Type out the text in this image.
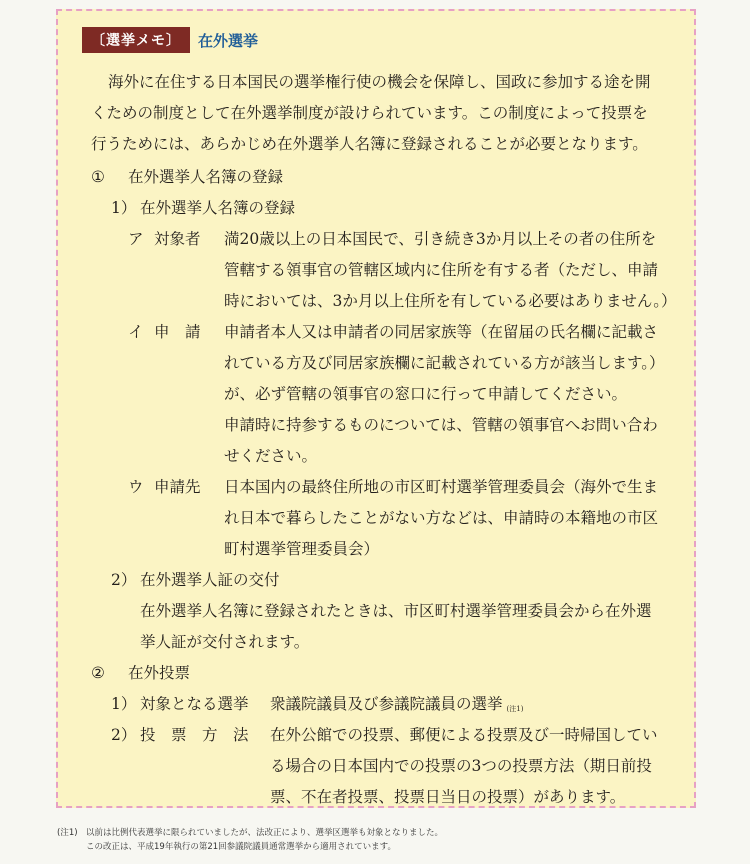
〔選挙メモ〕	在外選挙
海外に在住する日本国民の選挙権行使の機会を保障し、国政に参加する途を開
くための制度として在外選挙制度が設けられています。この制度によって投票を
行うためには、あらかじめ在外選挙人名簿に登録されることが必要となります。
① 在外選挙人名簿の登録
1） 在外選挙人名簿の登録
ア 対象者 満20歳以上の日本国民で、引き続き3か月以上その者の住所を
管轄する領事官の管轄区域内に住所を有する者（ただし、申請
時においては、3か月以上住所を有している必要はありません。）
イ 申　請 申請者本人又は申請者の同居家族等（在留届の氏名欄に記載さ
れている方及び同居家族欄に記載されている方が該当します。）
が、必ず管轄の領事官の窓口に行って申請してください。
申請時に持参するものについては、管轄の領事官へお問い合わ
せください。
ウ 申請先 日本国内の最終住所地の市区町村選挙管理委員会（海外で生ま
れ日本で暮らしたことがない方などは、申請時の本籍地の市区
町村選挙管理委員会）
2） 在外選挙人証の交付
在外選挙人名簿に登録されたときは、市区町村選挙管理委員会から在外選
挙人証が交付されます。
② 在外投票
1） 対象となる選挙 衆議院議員及び参議院議員の選挙 $_{(注1)}$
2） 投　票　方　法 在外公館での投票、郵便による投票及び一時帰国してい
る場合の日本国内での投票の3つの投票方法（期日前投
票、不在者投票、投票日当日の投票）があります。
(注1) 以前は比例代表選挙に限られていましたが、法改正により、選挙区選挙も対象となりました。
この改正は、平成19年執行の第21回参議院議員通常選挙から適用されています。
